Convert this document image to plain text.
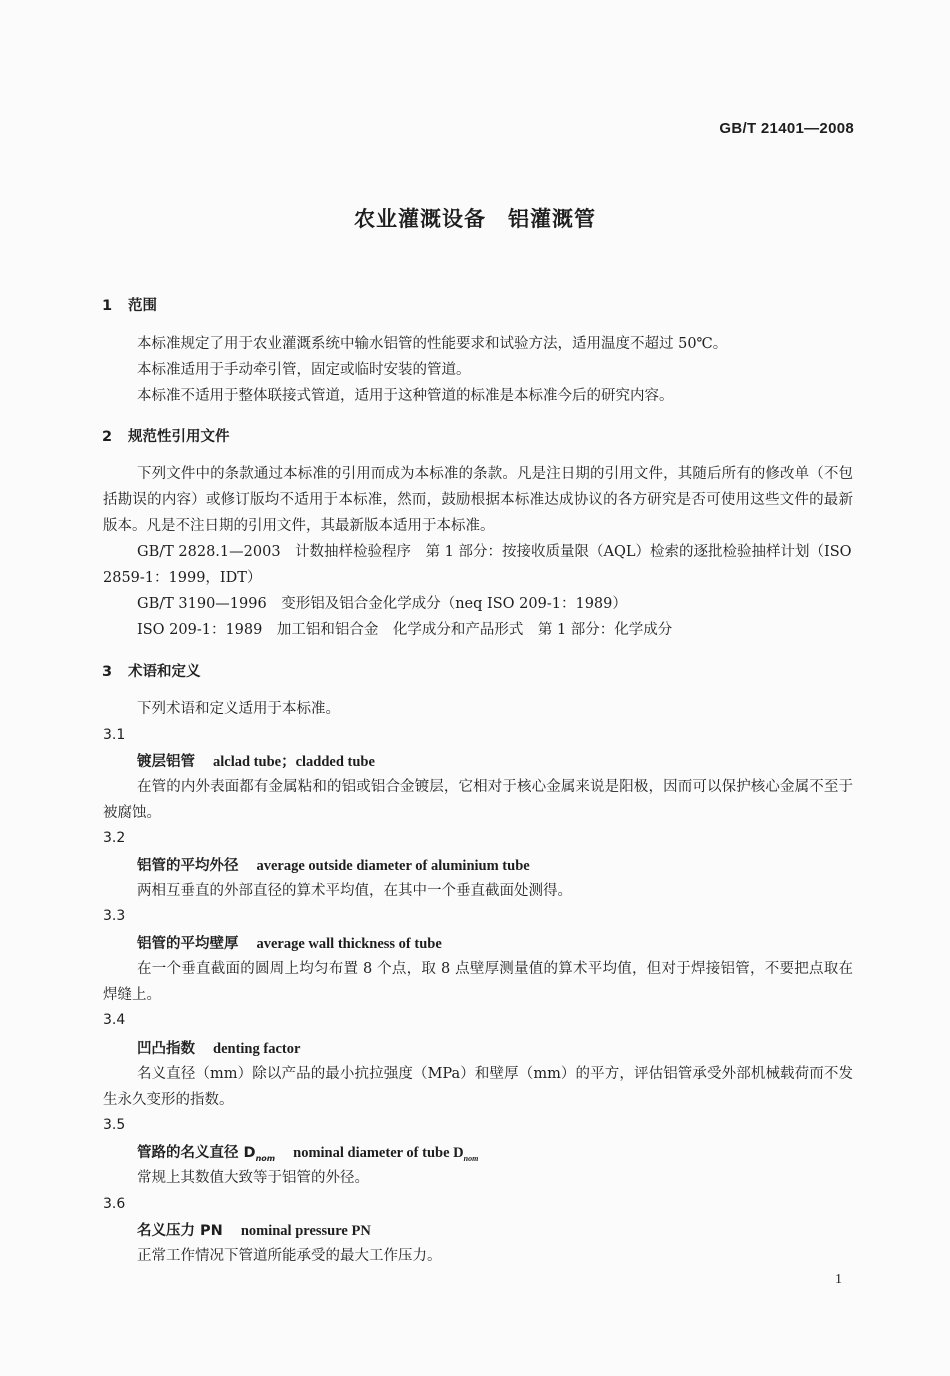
GB/T 21401—2008
农业灌溉设备　铝灌溉管
1 范围
本标准规定了用于农业灌溉系统中输水铝管的性能要求和试验方法，适用温度不超过 50℃。
本标准适用于手动牵引管，固定或临时安装的管道。
本标准不适用于整体联接式管道，适用于这种管道的标准是本标准今后的研究内容。
2 规范性引用文件
下列文件中的条款通过本标准的引用而成为本标准的条款。凡是注日期的引用文件，其随后所有的修改单（不包括勘误的内容）或修订版均不适用于本标准，然而，鼓励根据本标准达成协议的各方研究是否可使用这些文件的最新版本。凡是不注日期的引用文件，其最新版本适用于本标准。
GB/T 2828.1—2003　计数抽样检验程序　第 1 部分：按接收质量限（AQL）检索的逐批检验抽样计划（ISO 2859-1：1999，IDT）
GB/T 3190—1996　变形铝及铝合金化学成分（neq ISO 209-1：1989）
ISO 209-1：1989　加工铝和铝合金　化学成分和产品形式　第 1 部分：化学成分
3 术语和定义
下列术语和定义适用于本标准。
3.1
镀层铝管 alclad tube；cladded tube
在管的内外表面都有金属粘和的铝或铝合金镀层，它相对于核心金属来说是阳极，因而可以保护核心金属不至于被腐蚀。
3.2
铝管的平均外径 average outside diameter of aluminium tube
两相互垂直的外部直径的算术平均值，在其中一个垂直截面处测得。
3.3
铝管的平均壁厚 average wall thickness of tube
在一个垂直截面的圆周上均匀布置 8 个点，取 8 点壁厚测量值的算术平均值，但对于焊接铝管，不要把点取在焊缝上。
3.4
凹凸指数 denting factor
名义直径（mm）除以产品的最小抗拉强度（MPa）和壁厚（mm）的平方，评估铝管承受外部机械载荷而不发生永久变形的指数。
3.5
管路的名义直径 $D_{nom}$ nominal diameter of tube $D_{nom}$
常规上其数值大致等于铝管的外径。
3.6
名义压力 PN nominal pressure PN
正常工作情况下管道所能承受的最大工作压力。
1
